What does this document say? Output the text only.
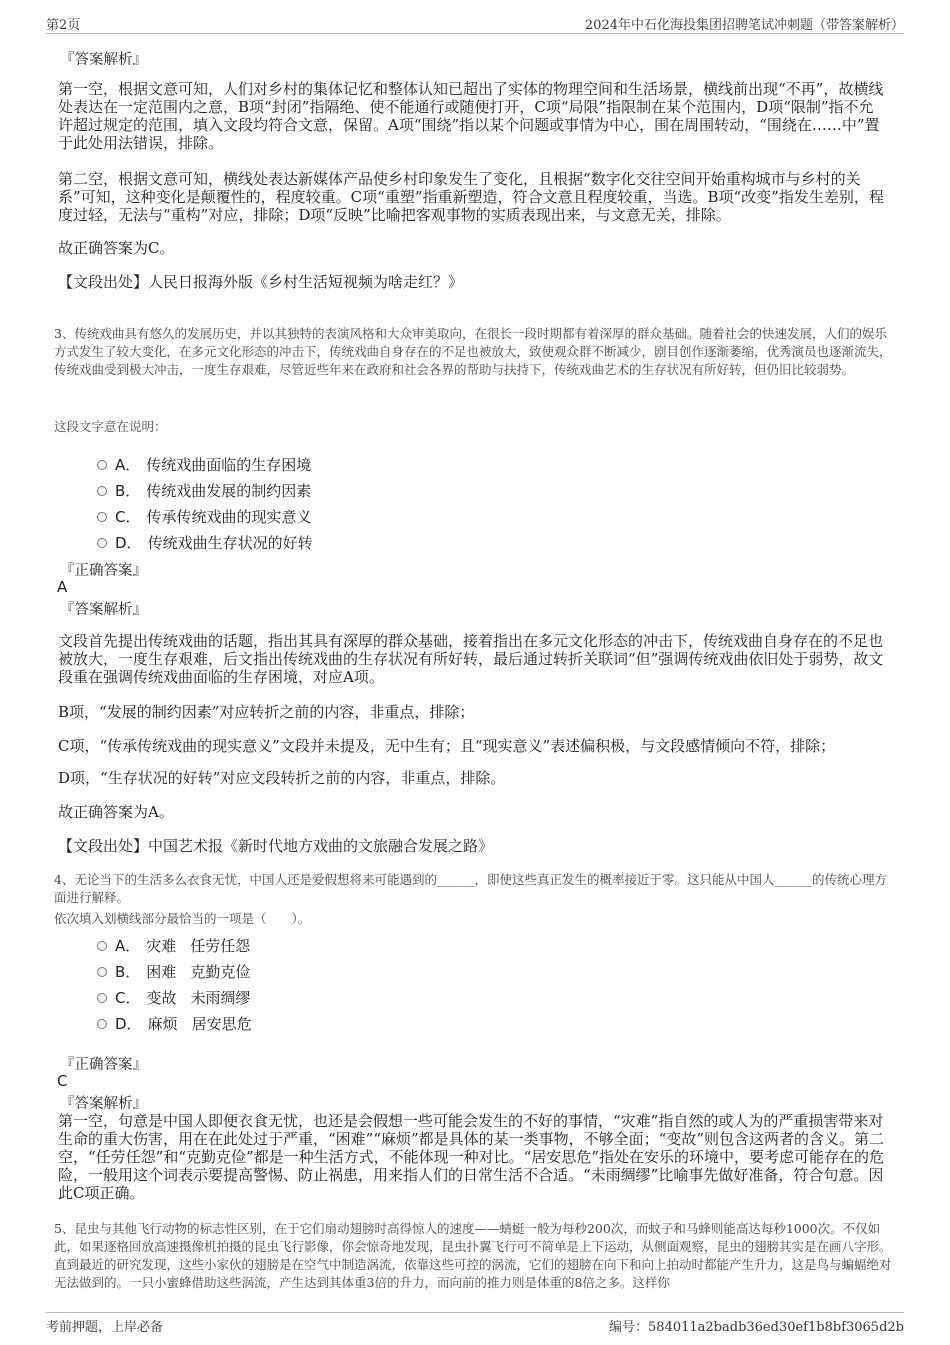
第2页	2024年中石化海投集团招聘笔试冲刺题（带答案解析）
『答案解析』
第一空，根据文意可知，人们对乡村的集体记忆和整体认知已超出了实体的物理空间和生活场景，横线前出现“不再”，故横线处表达在一定范围内之意，B项“封闭”指隔绝、使不能通行或随便打开，C项“局限”指限制在某个范围内，D项“限制”指不允许超过规定的范围，填入文段均符合文意，保留。A项“围绕”指以某个问题或事情为中心，围在周围转动，“围绕在……中”置于此处用法错误，排除。
第二空，根据文意可知，横线处表达新媒体产品使乡村印象发生了变化，且根据“数字化交往空间开始重构城市与乡村的关系”可知，这种变化是颠覆性的，程度较重。C项“重塑”指重新塑造，符合文意且程度较重，当选。B项“改变”指发生差别，程度过轻，无法与“重构”对应，排除；D项“反映”比喻把客观事物的实质表现出来，与文意无关，排除。
故正确答案为C。
【文段出处】人民日报海外版《乡村生活短视频为啥走红？》
3、传统戏曲具有悠久的发展历史，并以其独特的表演风格和大众审美取向，在很长一段时期都有着深厚的群众基础。随着社会的快速发展，人们的娱乐方式发生了较大变化，在多元文化形态的冲击下，传统戏曲自身存在的不足也被放大，致使观众群不断减少，剧目创作逐渐萎缩，优秀演员也逐渐流失，传统戏曲受到极大冲击，一度生存艰难，尽管近些年来在政府和社会各界的帮助与扶持下，传统戏曲艺术的生存状况有所好转，但仍旧比较弱势。
这段文字意在说明：
A． 传统戏曲面临的生存困境
B． 传统戏曲发展的制约因素
C． 传承传统戏曲的现实意义
D． 传统戏曲生存状况的好转
『正确答案』
A
『答案解析』
文段首先提出传统戏曲的话题，指出其具有深厚的群众基础，接着指出在多元文化形态的冲击下，传统戏曲自身存在的不足也被放大，一度生存艰难，后文指出传统戏曲的生存状况有所好转，最后通过转折关联词“但”强调传统戏曲依旧处于弱势，故文段重在强调传统戏曲面临的生存困境，对应A项。
B项，“发展的制约因素”对应转折之前的内容，非重点，排除；
C项，“传承传统戏曲的现实意义”文段并未提及，无中生有；且“现实意义”表述偏积极，与文段感情倾向不符，排除；
D项，“生存状况的好转”对应文段转折之前的内容，非重点，排除。
故正确答案为A。
【文段出处】中国艺术报《新时代地方戏曲的文旅融合发展之路》
4、无论当下的生活多么衣食无忧，中国人还是爱假想将来可能遇到的______，即使这些真正发生的概率接近于零。这只能从中国人______的传统心理方面进行解释。
依次填入划横线部分最恰当的一项是（　　）。
A． 灾难 任劳任怨
B． 困难 克勤克俭
C． 变故 未雨绸缪
D． 麻烦 居安思危
『正确答案』
C
『答案解析』
第一空，句意是中国人即便衣食无忧，也还是会假想一些可能会发生的不好的事情，“灾难”指自然的或人为的严重损害带来对生命的重大伤害，用在在此处过于严重，“困难”“麻烦”都是具体的某一类事物，不够全面；“变故”则包含这两者的含义。第二空，“任劳任怨”和“克勤克俭”都是一种生活方式，不能体现一种对比。“居安思危”指处在安乐的环境中，要考虑可能存在的危险，一般用这个词表示要提高警惕、防止祸患，用来指人们的日常生活不合适。“未雨绸缪”比喻事先做好准备，符合句意。因此C项正确。
5、昆虫与其他飞行动物的标志性区别，在于它们扇动翅膀时高得惊人的速度——蜻蜓一般为每秒200次，而蚊子和马蜂则能高达每秒1000次。不仅如此，如果逐格回放高速摄像机拍摄的昆虫飞行影像，你会惊奇地发现，昆虫扑翼飞行可不简单是上下运动，从侧面观察，昆虫的翅膀其实是在画八字形。直到最近的研究发现，这些小家伙的翅膀是在空气中制造涡流，依靠这些可控的涡流，它们的翅膀在向下和向上拍动时都能产生升力，这是鸟与蝙蝠绝对无法做到的。一只小蜜蜂借助这些涡流，产生达到其体重3倍的升力，而向前的推力则是体重的8倍之多。这样你
考前押题，上岸必备	编号：584011a2badb36ed30ef1b8bf3065d2b
